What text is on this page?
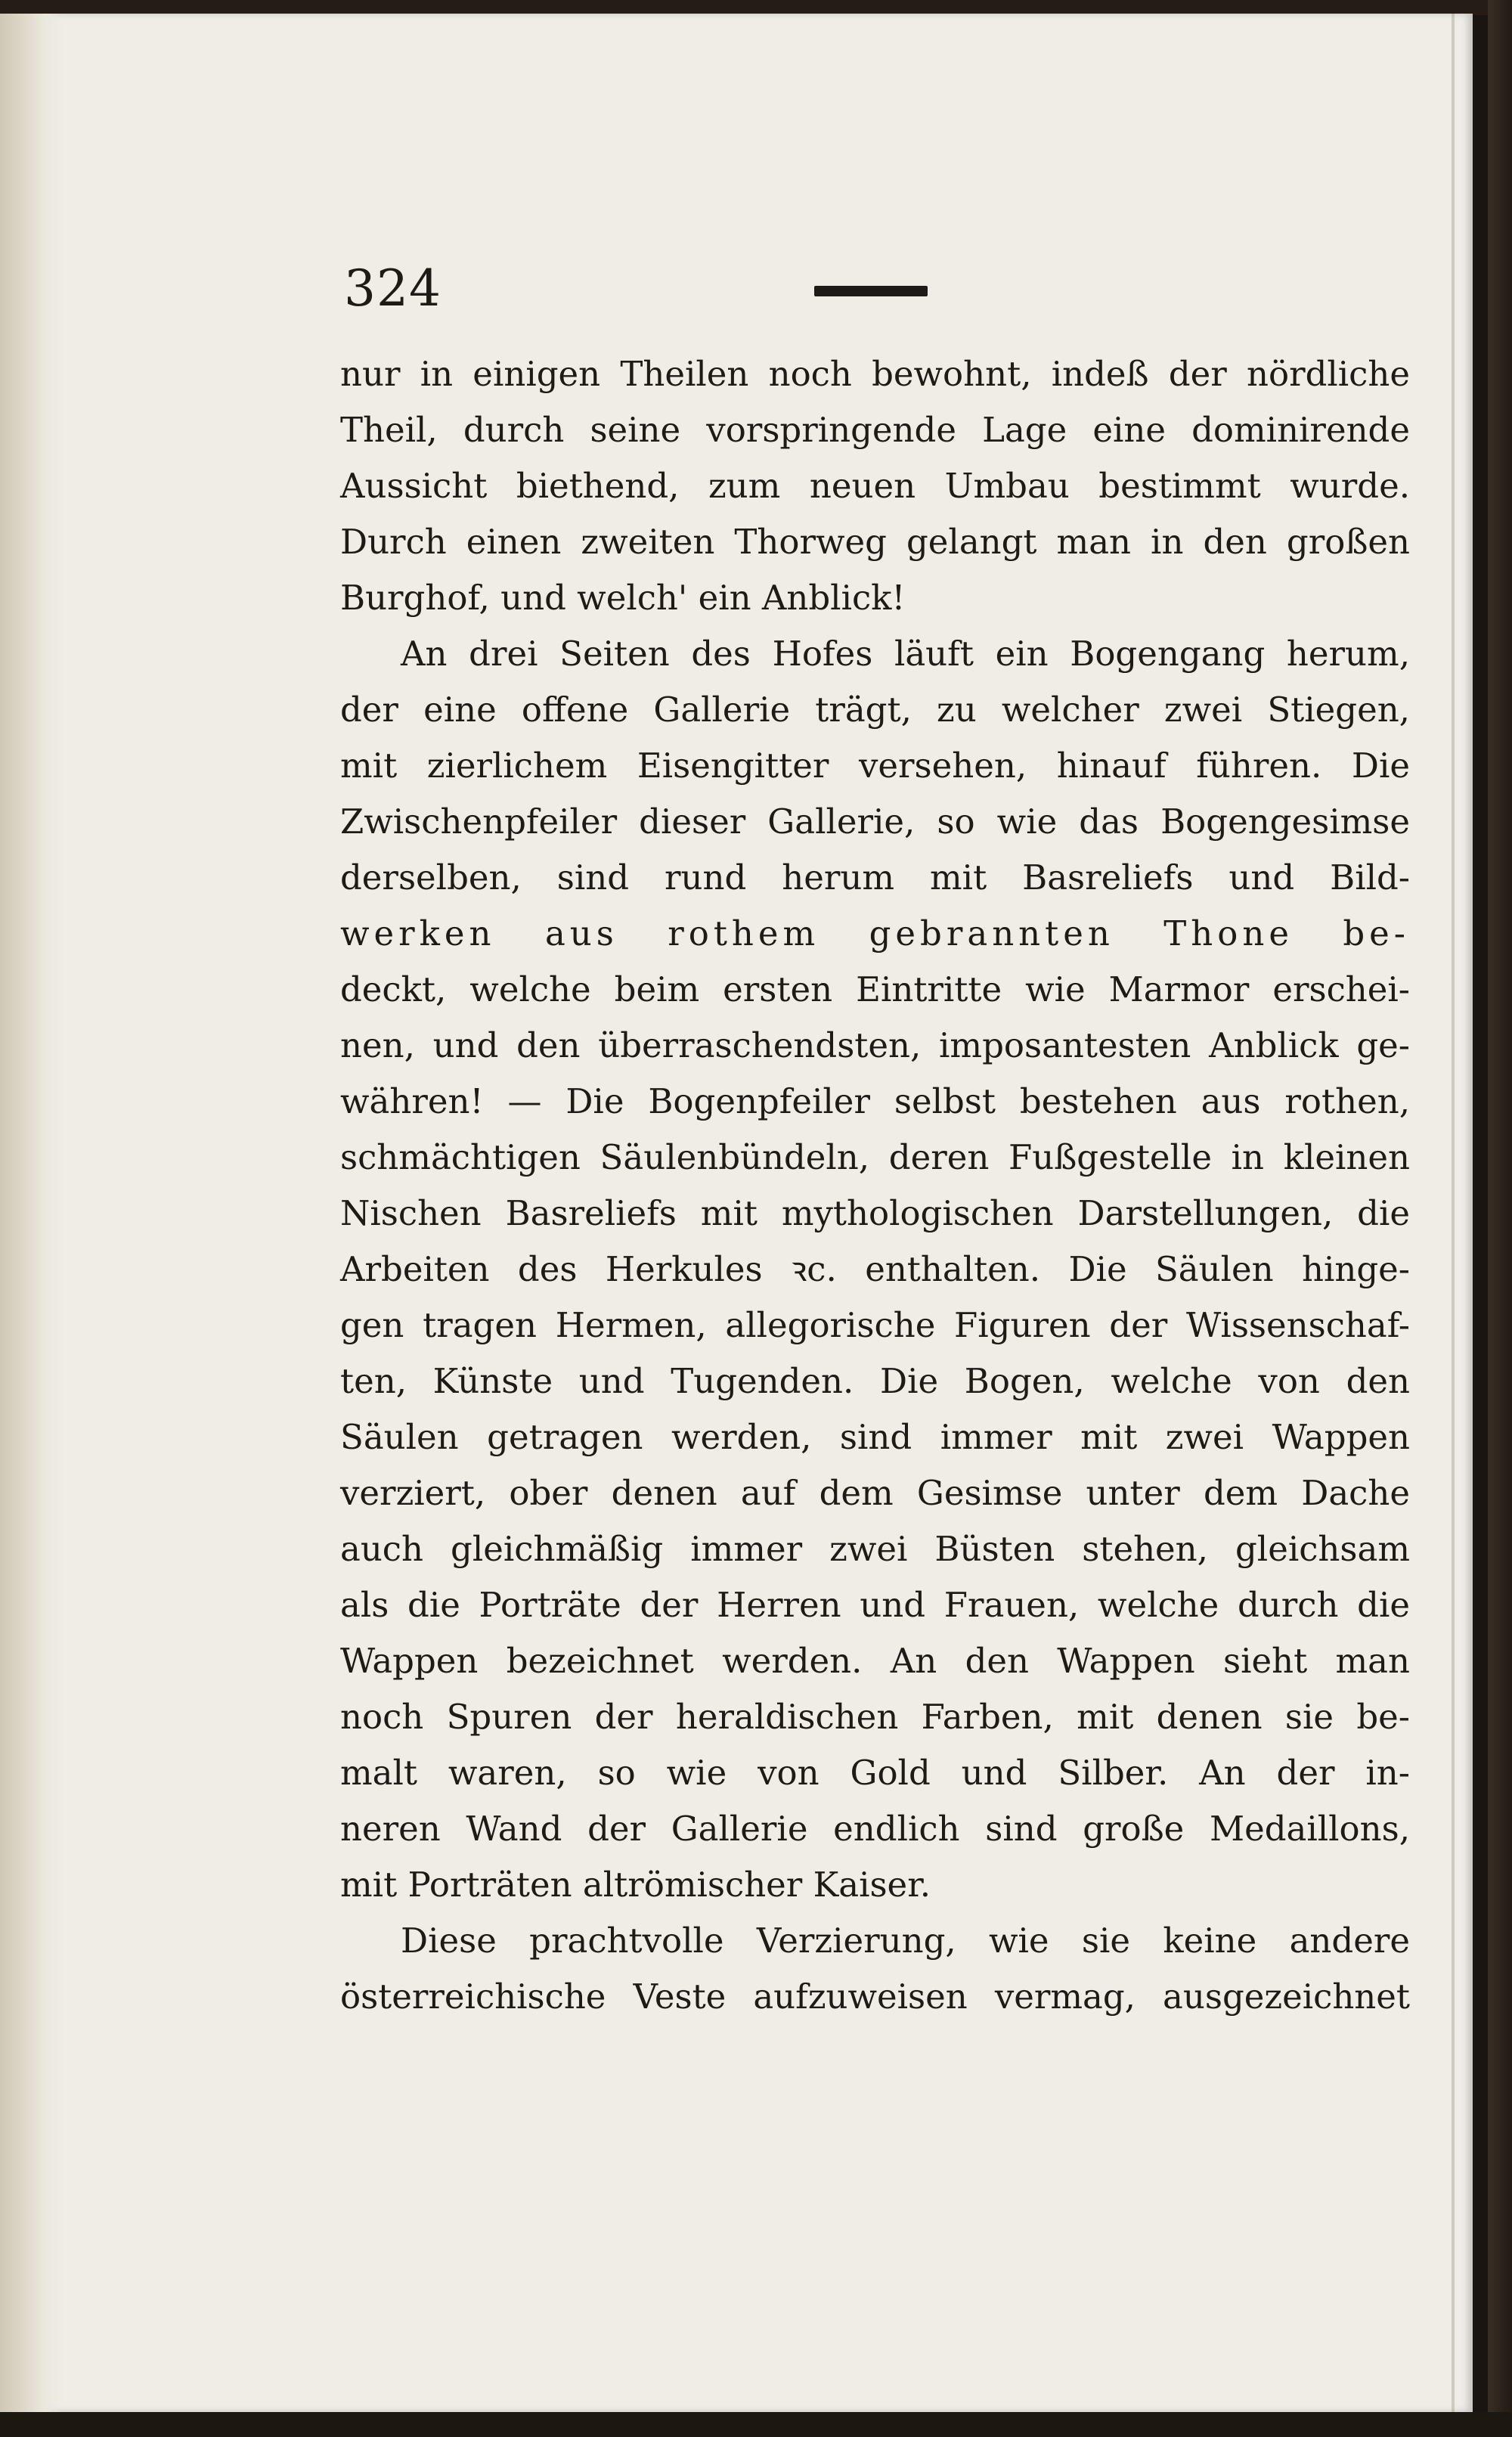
324
nur in einigen Theilen noch bewohnt, indeß der nördliche
Theil, durch seine vorspringende Lage eine dominirende
Aussicht biethend, zum neuen Umbau bestimmt wurde.
Durch einen zweiten Thorweg gelangt man in den großen
Burghof, und welch' ein Anblick!
An drei Seiten des Hofes läuft ein Bogengang herum,
der eine offene Gallerie trägt, zu welcher zwei Stiegen,
mit zierlichem Eisengitter versehen, hinauf führen. Die
Zwischenpfeiler dieser Gallerie, so wie das Bogengesimse
derselben, sind rund herum mit Basreliefs und Bild-
werken aus rothem gebrannten Thone be-
deckt, welche beim ersten Eintritte wie Marmor erschei-
nen, und den überraschendsten, imposantesten Anblick ge-
währen! — Die Bogenpfeiler selbst bestehen aus rothen,
schmächtigen Säulenbündeln, deren Fußgestelle in kleinen
Nischen Basreliefs mit mythologischen Darstellungen, die
Arbeiten des Herkules ꝛc. enthalten. Die Säulen hinge-
gen tragen Hermen, allegorische Figuren der Wissenschaf-
ten, Künste und Tugenden. Die Bogen, welche von den
Säulen getragen werden, sind immer mit zwei Wappen
verziert, ober denen auf dem Gesimse unter dem Dache
auch gleichmäßig immer zwei Büsten stehen, gleichsam
als die Porträte der Herren und Frauen, welche durch die
Wappen bezeichnet werden. An den Wappen sieht man
noch Spuren der heraldischen Farben, mit denen sie be-
malt waren, so wie von Gold und Silber. An der in-
neren Wand der Gallerie endlich sind große Medaillons,
mit Porträten altrömischer Kaiser.
Diese prachtvolle Verzierung, wie sie keine andere
österreichische Veste aufzuweisen vermag, ausgezeichnet
